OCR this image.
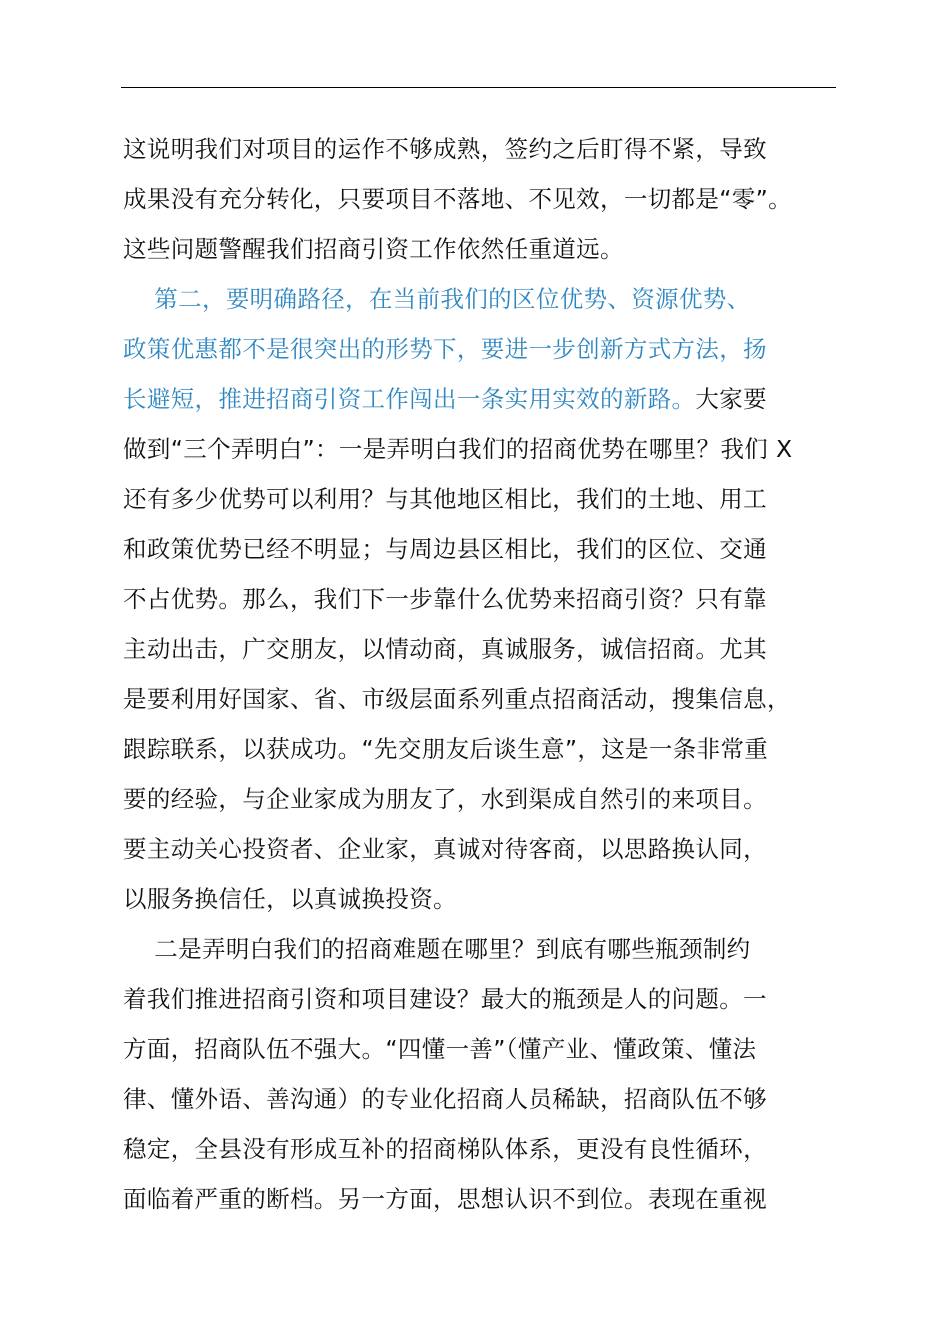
这说明我们对项目的运作不够成熟，签约之后盯得不紧，导致
成果没有充分转化，只要项目不落地、不见效，一切都是“零”。
这些问题警醒我们招商引资工作依然任重道远。
第二，要明确路径，在当前我们的区位优势、资源优势、
政策优惠都不是很突出的形势下，要进一步创新方式方法，扬
长避短，推进招商引资工作闯出一条实用实效的新路。大家要
做到“三个弄明白”：一是弄明白我们的招商优势在哪里？我们 X
还有多少优势可以利用？与其他地区相比，我们的土地、用工
和政策优势已经不明显；与周边县区相比，我们的区位、交通
不占优势。那么，我们下一步靠什么优势来招商引资？只有靠
主动出击，广交朋友，以情动商，真诚服务，诚信招商。尤其
是要利用好国家、省、市级层面系列重点招商活动，搜集信息，
跟踪联系，以获成功。“先交朋友后谈生意”，这是一条非常重
要的经验，与企业家成为朋友了，水到渠成自然引的来项目。
要主动关心投资者、企业家，真诚对待客商，以思路换认同，
以服务换信任，以真诚换投资。
二是弄明白我们的招商难题在哪里？到底有哪些瓶颈制约
着我们推进招商引资和项目建设？最大的瓶颈是人的问题。一
方面，招商队伍不强大。“四懂一善”（懂产业、懂政策、懂法
律、懂外语、善沟通）的专业化招商人员稀缺，招商队伍不够
稳定，全县没有形成互补的招商梯队体系，更没有良性循环，
面临着严重的断档。另一方面，思想认识不到位。表现在重视
